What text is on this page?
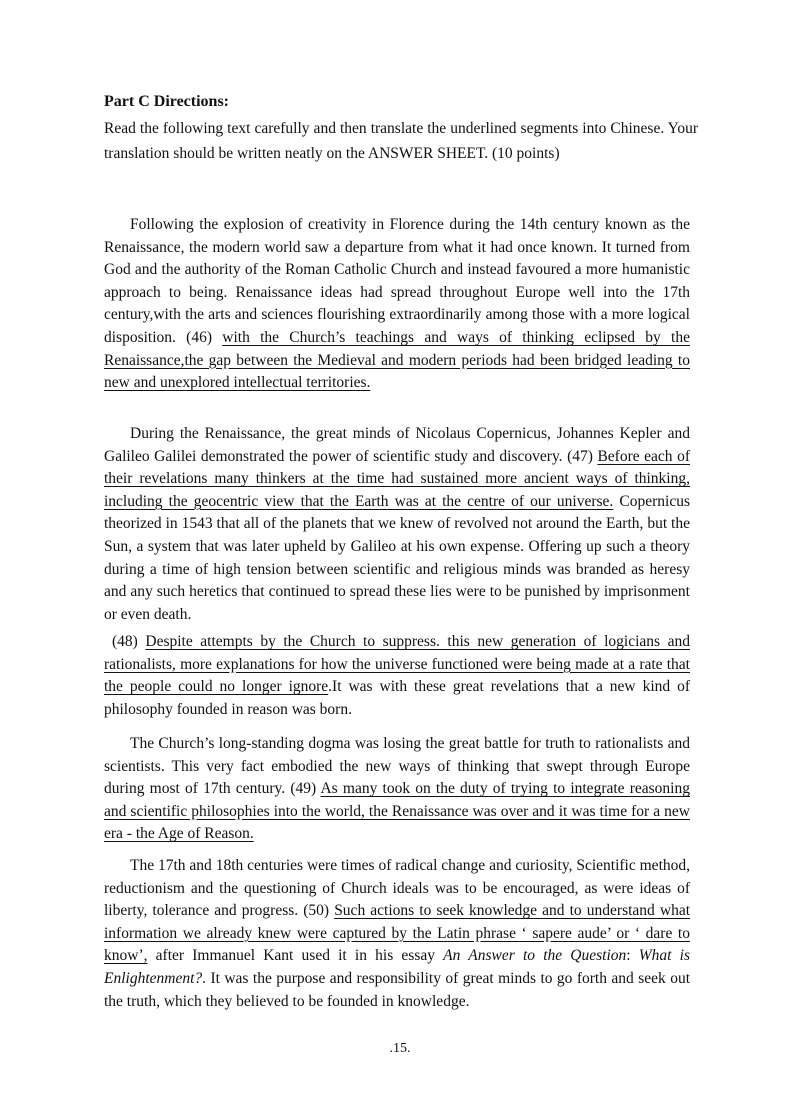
Part C Directions:

Read the following text carefully and then translate the underlined segments into Chinese. Your translation should be written neatly on the ANSWER SHEET. (10 points)

Following the explosion of creativity in Florence during the 14th century known as the Renaissance, the modern world saw a departure from what it had once known. It turned from God and the authority of the Roman Catholic Church and instead favoured a more humanistic approach to being. Renaissance ideas had spread throughout Europe well into the 17th century,with the arts and sciences flourishing extraordinarily among those with a more logical disposition. (46) with the Church’s teachings and ways of thinking eclipsed by the Renaissance,the gap between the Medieval and modern periods had been bridged leading to new and unexplored intellectual territories.

During the Renaissance, the great minds of Nicolaus Copernicus, Johannes Kepler and Galileo Galilei demonstrated the power of scientific study and discovery. (47) Before each of their revelations many thinkers at the time had sustained more ancient ways of thinking, including the geocentric view that the Earth was at the centre of our universe. Copernicus theorized in 1543 that all of the planets that we knew of revolved not around the Earth, but the Sun, a system that was later upheld by Galileo at his own expense. Offering up such a theory during a time of high tension between scientific and religious minds was branded as heresy and any such heretics that continued to spread these lies were to be punished by imprisonment or even death.

(48) Despite attempts by the Church to suppress. this new generation of logicians and rationalists, more explanations for how the universe functioned were being made at a rate that the people could no longer ignore.It was with these great revelations that a new kind of philosophy founded in reason was born.

The Church’s long-standing dogma was losing the great battle for truth to rationalists and scientists. This very fact embodied the new ways of thinking that swept through Europe during most of 17th century. (49) As many took on the duty of trying to integrate reasoning and scientific philosophies into the world, the Renaissance was over and it was time for a new era - the Age of Reason.

The 17th and 18th centuries were times of radical change and curiosity, Scientific method, reductionism and the questioning of Church ideals was to be encouraged, as were ideas of liberty, tolerance and progress. (50) Such actions to seek knowledge and to understand what information we already knew were captured by the Latin phrase ‘ sapere aude’ or ‘ dare to know’, after Immanuel Kant used it in his essay An Answer to the Question: What is Enlightenment?. It was the purpose and responsibility of great minds to go forth and seek out the truth, which they believed to be founded in knowledge.

.15.
